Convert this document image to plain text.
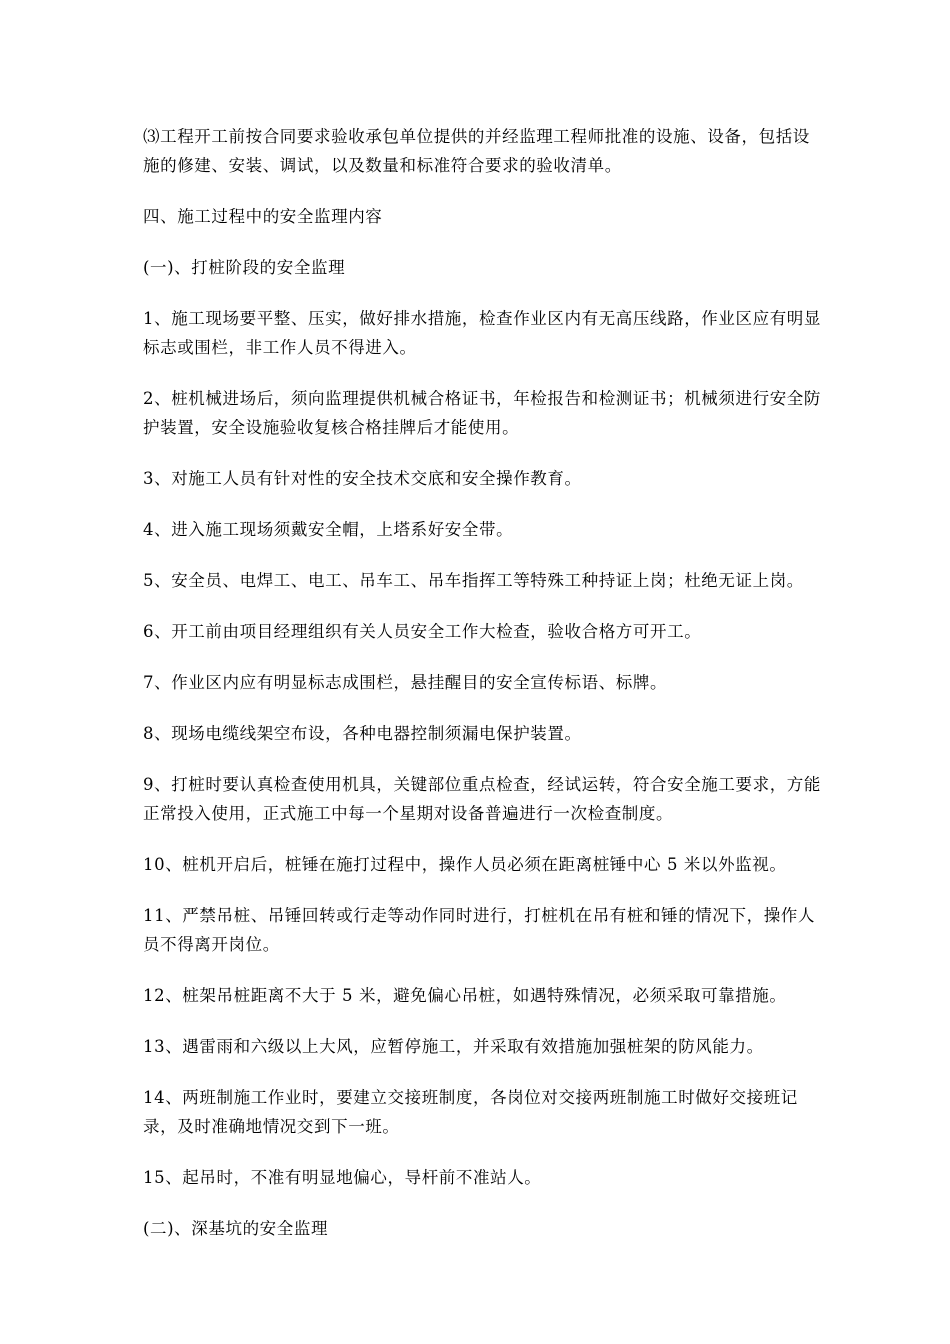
⑶工程开工前按合同要求验收承包单位提供的并经监理工程师批准的设施、设备，包括设施的修建、安装、调试，以及数量和标准符合要求的验收清单。

四、施工过程中的安全监理内容

(一)、打桩阶段的安全监理

1、施工现场要平整、压实，做好排水措施，检查作业区内有无高压线路，作业区应有明显标志或围栏，非工作人员不得进入。

2、桩机械进场后，须向监理提供机械合格证书，年检报告和检测证书；机械须进行安全防护装置，安全设施验收复核合格挂牌后才能使用。

3、对施工人员有针对性的安全技术交底和安全操作教育。

4、进入施工现场须戴安全帽，上塔系好安全带。

5、安全员、电焊工、电工、吊车工、吊车指挥工等特殊工种持证上岗；杜绝无证上岗。

6、开工前由项目经理组织有关人员安全工作大检查，验收合格方可开工。

7、作业区内应有明显标志成围栏，悬挂醒目的安全宣传标语、标牌。

8、现场电缆线架空布设，各种电器控制须漏电保护装置。

9、打桩时要认真检查使用机具，关键部位重点检查，经试运转，符合安全施工要求，方能正常投入使用，正式施工中每一个星期对设备普遍进行一次检查制度。

10、桩机开启后，桩锤在施打过程中，操作人员必须在距离桩锤中心 5 米以外监视。

11、严禁吊桩、吊锤回转或行走等动作同时进行，打桩机在吊有桩和锤的情况下，操作人员不得离开岗位。

12、桩架吊桩距离不大于 5 米，避免偏心吊桩，如遇特殊情况，必须采取可靠措施。

13、遇雷雨和六级以上大风，应暂停施工，并采取有效措施加强桩架的防风能力。

14、两班制施工作业时，要建立交接班制度，各岗位对交接两班制施工时做好交接班记录，及时准确地情况交到下一班。

15、起吊时，不准有明显地偏心，导杆前不准站人。

(二)、深基坑的安全监理
